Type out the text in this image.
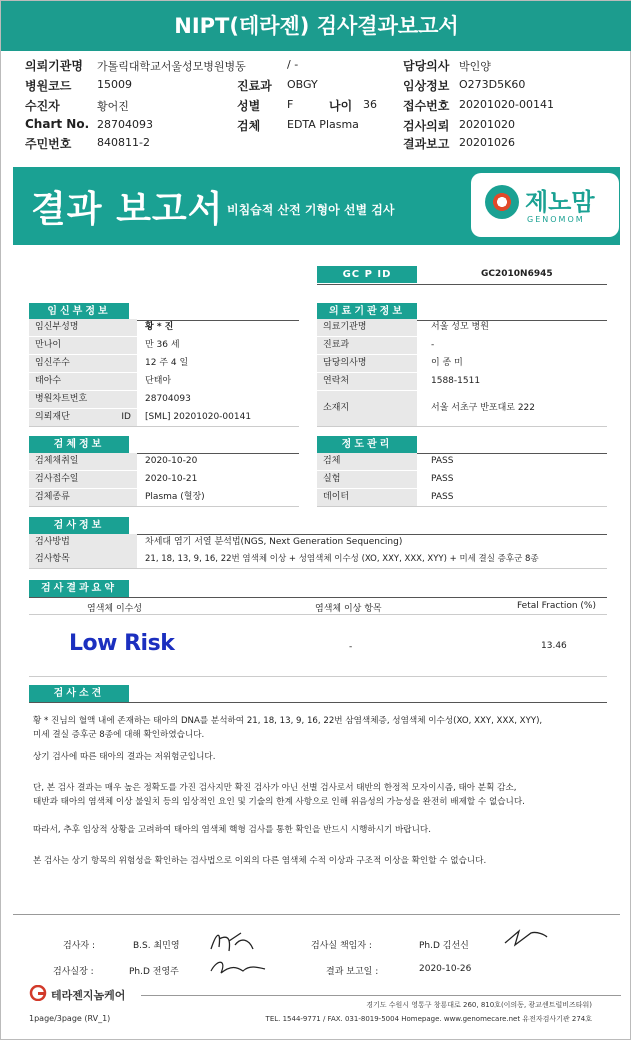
NIPT(테라젠) 검사결과보고서
의뢰기관명 가톨릭대학교서울성모병원병동	/ -	담당의사 박인양
병원코드 15009	진료과 OBGY	임상정보 O273D5K60
수진자	황어진	성별 F	나이 36 접수번호 20201020-00141
Chart No. 28704093	검체 EDTA Plasma	검사의뢰 20201020
주민번호 840811-2	결과보고 20201026
결과 보고서 비침습적 산전 기형아 선별 검사	제노맘
GENOMOM
GC P ID	GC2010N6945
임신부정보
임신부성명	황 * 진
만나이	만 36 세
임신주수	12 주 4 일
태아수	단태아
병원차트번호	28704093
의뢰재단 ID	[SML] 20201020-00141
의료기관정보
의료기관명	서울 성모 병원
진료과	-
담당의사명	이 종 미
연락처	1588-1511
소재지	서울 서초구 반포대로 222
검체정보
검체채취일	2020-10-20
검사접수일	2020-10-21
검체종류	Plasma (혈장)
정도관리
검체	PASS
실험	PASS
데이터	PASS
검사정보
검사방법	차세대 염기 서열 분석법(NGS, Next Generation Sequencing)
검사항목	21, 18, 13, 9, 16, 22번 염색체 이상 + 성염색체 이수성 (XO, XXY, XXX, XYY) + 미세 결실 증후군 8종
검사결과요약
염색체 이수성	염색체 이상 항목	Fetal Fraction (%)
Low Risk	-	13.46
검사소견
황 * 진님의 혈액 내에 존재하는 태아의 DNA를 분석하여 21, 18, 13, 9, 16, 22번 삼염색체증, 성염색체 이수성(XO, XXY, XXX, XYY),
미세 결실 증후군 8종에 대해 확인하였습니다.
상기 검사에 따른 태아의 결과는 저위험군입니다.
단, 본 검사 결과는 매우 높은 정확도를 가진 검사지만 확진 검사가 아닌 선별 검사로서 태반의 한정적 모자이시즘, 태아 분획 감소,
태반과 태아의 염색체 이상 불일치 등의 임상적인 요인 및 기술의 한계 사항으로 인해 위음성의 가능성을 완전히 배제할 수 없습니다.
따라서, 추후 임상적 상황을 고려하여 태아의 염색체 핵형 검사를 통한 확인을 반드시 시행하시기 바랍니다.
본 검사는 상기 항목의 위험성을 확인하는 검사법으로 이외의 다른 염색체 수적 이상과 구조적 이상을 확인할 수 없습니다.
검사자 :	B.S. 최민영	검사실 책임자 :	Ph.D 김선신
검사실장 :	Ph.D 전영주	결과 보고일 :	2020-10-26
테라젠지놈케어
경기도 수원시 영통구 창룡대로 260, 810호(이의동, 광교센트럴비즈타워)
TEL. 1544-9771 / FAX. 031-8019-5004 Homepage. www.genomecare.net 유전자검사기관 274호
1page/3page (RV_1)
